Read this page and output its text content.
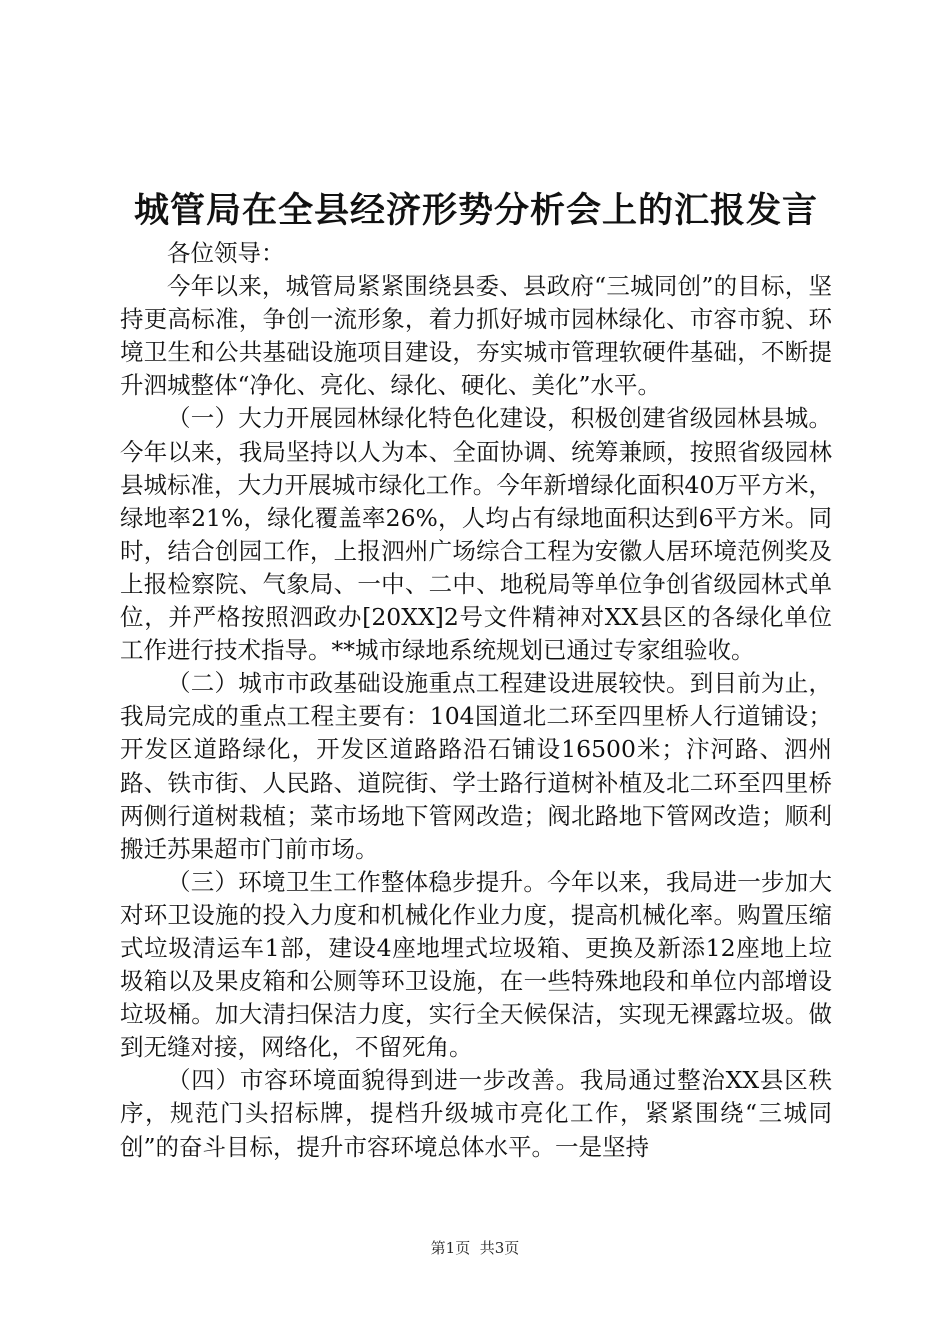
城管局在全县经济形势分析会上的汇报发言

各位领导：

今年以来，城管局紧紧围绕县委、县政府“三城同创”的目标，坚持更高标准，争创一流形象，着力抓好城市园林绿化、市容市貌、环境卫生和公共基础设施项目建设，夯实城市管理软硬件基础，不断提升泗城整体“净化、亮化、绿化、硬化、美化”水平。

（一）大力开展园林绿化特色化建设，积极创建省级园林县城。今年以来，我局坚持以人为本、全面协调、统筹兼顾，按照省级园林县城标准，大力开展城市绿化工作。今年新增绿化面积40万平方米，绿地率21%，绿化覆盖率26%，人均占有绿地面积达到6平方米。同时，结合创园工作，上报泗州广场综合工程为安徽人居环境范例奖及上报检察院、气象局、一中、二中、地税局等单位争创省级园林式单位，并严格按照泗政办[20XX]2号文件精神对XX县区的各绿化单位工作进行技术指导。**城市绿地系统规划已通过专家组验收。

（二）城市市政基础设施重点工程建设进展较快。到目前为止，我局完成的重点工程主要有：104国道北二环至四里桥人行道铺设；开发区道路绿化，开发区道路路沿石铺设16500米；汴河路、泗州路、铁市街、人民路、道院街、学士路行道树补植及北二环至四里桥两侧行道树栽植；菜市场地下管网改造；阀北路地下管网改造；顺利搬迁苏果超市门前市场。

（三）环境卫生工作整体稳步提升。今年以来，我局进一步加大对环卫设施的投入力度和机械化作业力度，提高机械化率。购置压缩式垃圾清运车1部，建设4座地埋式垃圾箱、更换及新添12座地上垃圾箱以及果皮箱和公厕等环卫设施，在一些特殊地段和单位内部增设垃圾桶。加大清扫保洁力度，实行全天候保洁，实现无裸露垃圾。做到无缝对接，网络化，不留死角。

（四）市容环境面貌得到进一步改善。我局通过整治XX县区秩序，规范门头招标牌，提档升级城市亮化工作，紧紧围绕“三城同创”的奋斗目标，提升市容环境总体水平。一是坚持

第1页 共3页
